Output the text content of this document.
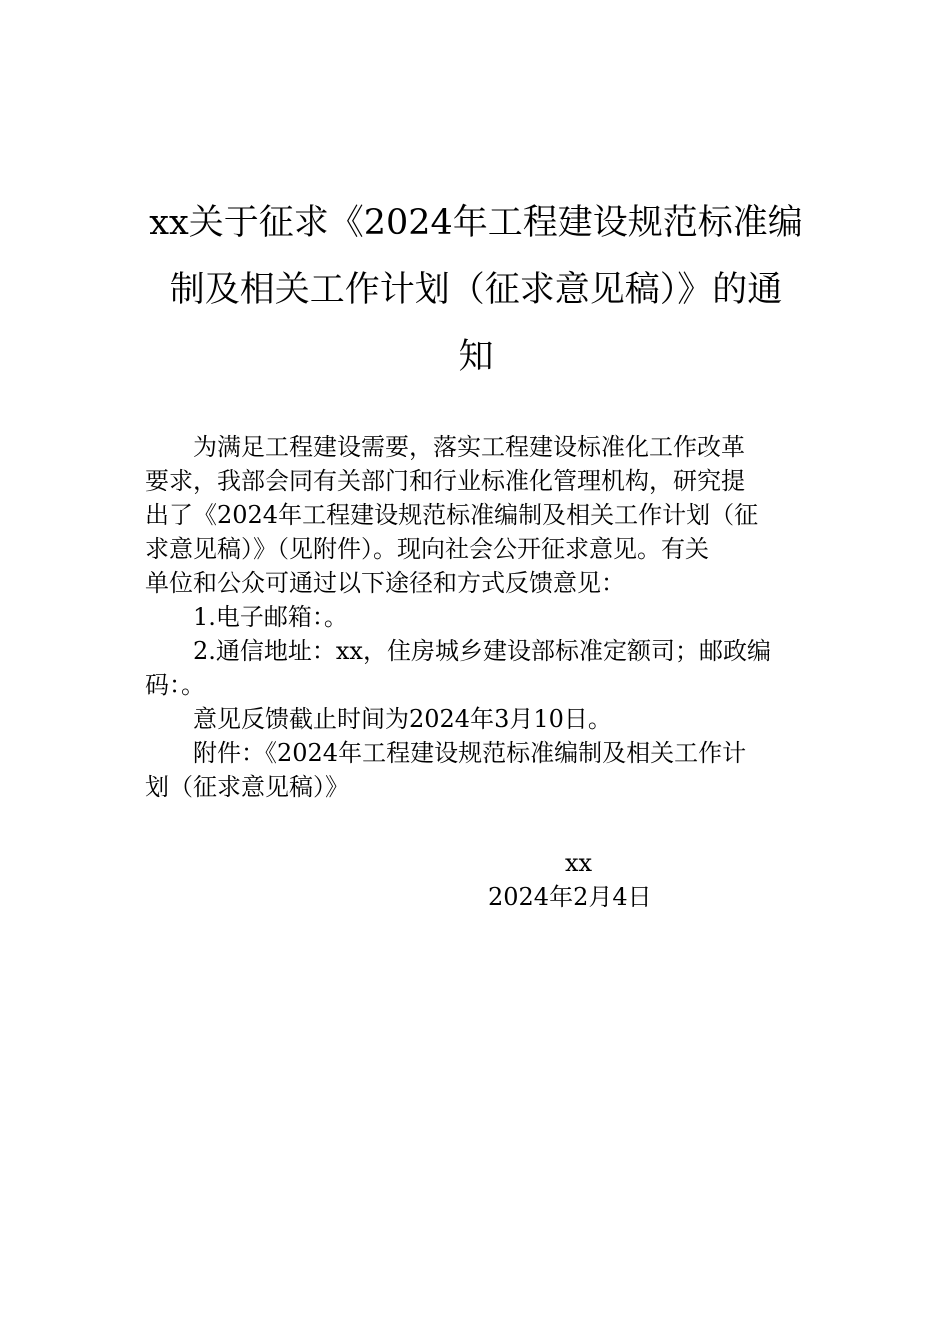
xx关于征求《2024年工程建设规范标准编
制及相关工作计划（征求意见稿）》的通
知
为满足工程建设需要，落实工程建设标准化工作改革
要求，我部会同有关部门和行业标准化管理机构，研究提
出了《2024年工程建设规范标准编制及相关工作计划（征
求意见稿）》（见附件）。现向社会公开征求意见。有关
单位和公众可通过以下途径和方式反馈意见：
1.电子邮箱：。
2.通信地址：xx，住房城乡建设部标准定额司；邮政编
码：。
意见反馈截止时间为2024年3月10日。
附件：《2024年工程建设规范标准编制及相关工作计
划（征求意见稿）》
xx
2024年2月4日
